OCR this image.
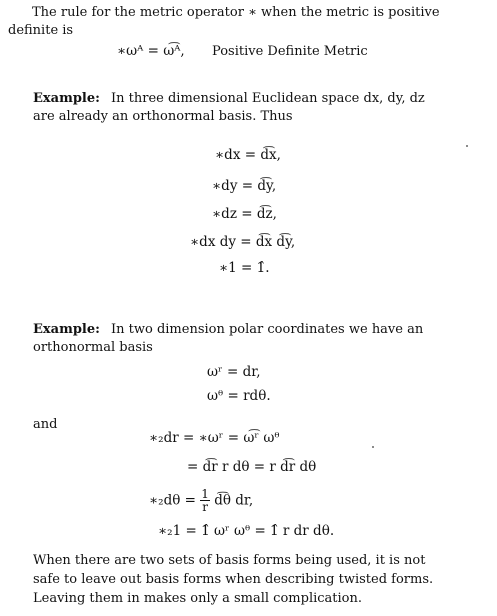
The rule for the metric operator ∗ when the metric is positive
definite is
∗ωᴬ = ω͡ᴬ, Positive Definite Metric
Example: In three dimensional Euclidean space dx, dy, dz
are already an orthonormal basis. Thus
∗dx = d͡x,
∗dy = d͡y,
∗dz = d͡z,
∗dx dy = d͡x d͡y,
∗1 = 1̂.
Example: In two dimension polar coordinates we have an
orthonormal basis
ωʳ = dr,
ωᶿ = rdθ.
and
∗₂dr = ∗ωʳ = ω͡ʳ ωᶿ
= d͡r r dθ = r d͡r dθ
∗₂dθ = $\frac{1}{r}$ d͡θ dr,
∗₂1 = 1̂ ωʳ ωᶿ = 1̂ r dr dθ.
When there are two sets of basis forms being used, it is not
safe to leave out basis forms when describing twisted forms.
Leaving them in makes only a small complication.
